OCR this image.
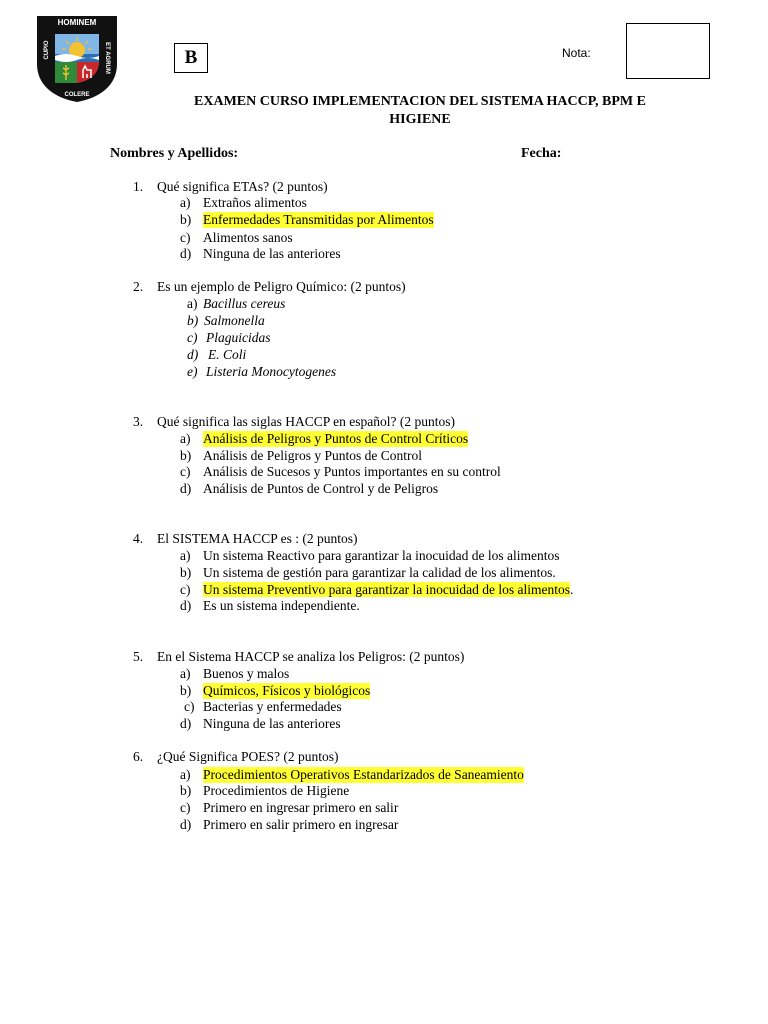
HOMINEM
CUPIO	ET AGRUM
COLERE
B	Nota:
EXAMEN CURSO IMPLEMENTACION DEL SISTEMA HACCP, BPM E
HIGIENE
Nombres y Apellidos:	Fecha:
1. Qué significa ETAs? (2 puntos)
a) Extraños alimentos
b) Enfermedades Transmitidas por Alimentos
c) Alimentos sanos
d) Ninguna de las anteriores
2. Es un ejemplo de Peligro Químico: (2 puntos)
a) Bacillus cereus
b) Salmonella
c) Plaguicidas
d) E. Coli
e) Listeria Monocytogenes
3. Qué significa las siglas HACCP en español? (2 puntos)
a) Análisis de Peligros y Puntos de Control Críticos
b) Análisis de Peligros y Puntos de Control
c) Análisis de Sucesos y Puntos importantes en su control
d) Análisis de Puntos de Control y de Peligros
4. El SISTEMA HACCP es : (2 puntos)
a) Un sistema Reactivo para garantizar la inocuidad de los alimentos
b) Un sistema de gestión para garantizar la calidad de los alimentos.
c) Un sistema Preventivo para garantizar la inocuidad de los alimentos.
d) Es un sistema independiente.
5. En el Sistema HACCP se analiza los Peligros: (2 puntos)
a) Buenos y malos
b) Químicos, Físicos y biológicos
c) Bacterias y enfermedades
d) Ninguna de las anteriores
6. ¿Qué Significa POES? (2 puntos)
a) Procedimientos Operativos Estandarizados de Saneamiento
b) Procedimientos de Higiene
c) Primero en ingresar primero en salir
d) Primero en salir primero en ingresar
